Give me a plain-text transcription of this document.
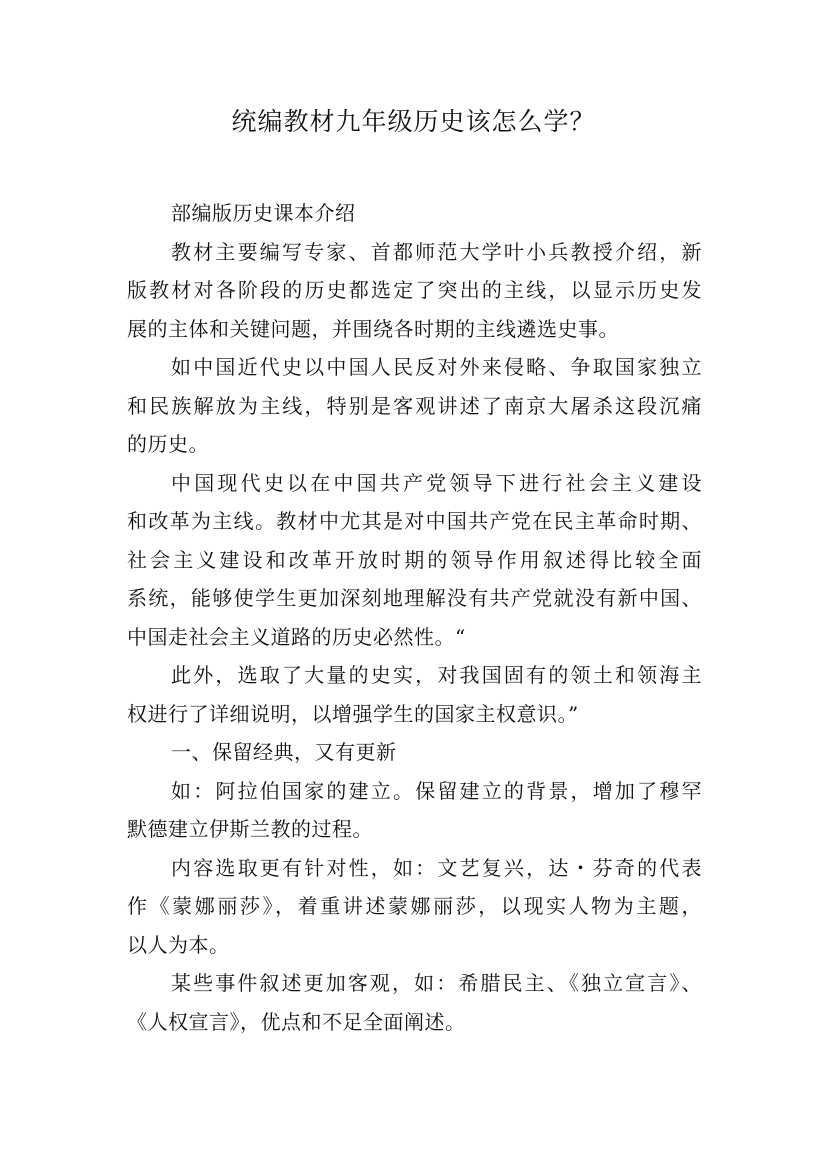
统编教材九年级历史该怎么学？
部编版历史课本介绍
教材主要编写专家、首都师范大学叶小兵教授介绍，新
版教材对各阶段的历史都选定了突出的主线，以显示历史发
展的主体和关键问题，并围绕各时期的主线遴选史事。
如中国近代史以中国人民反对外来侵略、争取国家独立
和民族解放为主线，特别是客观讲述了南京大屠杀这段沉痛
的历史。
中国现代史以在中国共产党领导下进行社会主义建设
和改革为主线。教材中尤其是对中国共产党在民主革命时期、
社会主义建设和改革开放时期的领导作用叙述得比较全面
系统，能够使学生更加深刻地理解没有共产党就没有新中国、
中国走社会主义道路的历史必然性。“
此外，选取了大量的史实，对我国固有的领土和领海主
权进行了详细说明，以增强学生的国家主权意识。”
一、保留经典，又有更新
如：阿拉伯国家的建立。保留建立的背景，增加了穆罕
默德建立伊斯兰教的过程。
内容选取更有针对性，如：文艺复兴，达・芬奇的代表
作《蒙娜丽莎》，着重讲述蒙娜丽莎，以现实人物为主题，
以人为本。
某些事件叙述更加客观，如：希腊民主、《独立宣言》、
《人权宣言》，优点和不足全面阐述。
